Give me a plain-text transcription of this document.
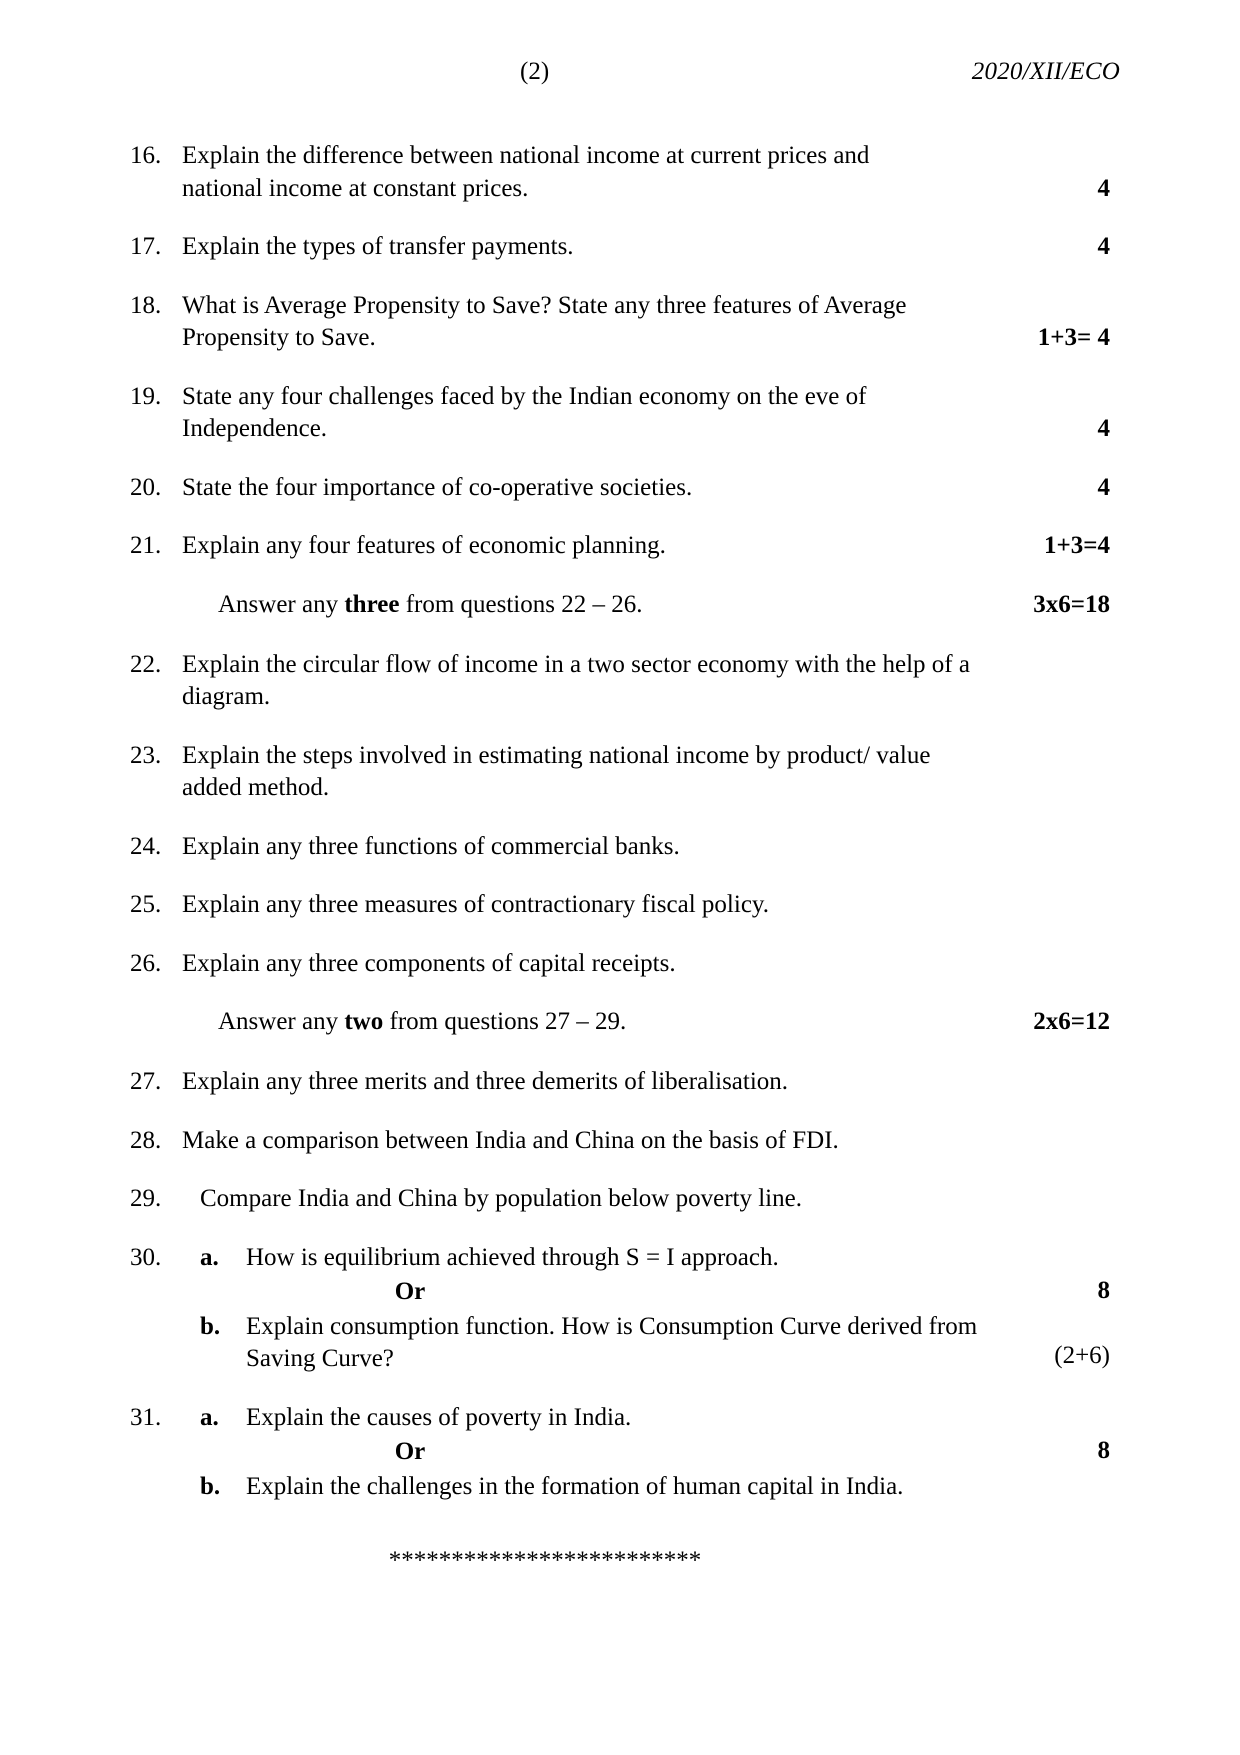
(2)	2020/XII/ECO
16. Explain the difference between national income at current prices and
national income at constant prices.	4
17. Explain the types of transfer payments.	4
18. What is Average Propensity to Save? State any three features of Average
Propensity to Save.	1+3= 4
19. State any four challenges faced by the Indian economy on the eve of
Independence.	4
20. State the four importance of co-operative societies.	4
21. Explain any four features of economic planning.	1+3=4
Answer any three from questions 22 – 26.	3x6=18
22. Explain the circular flow of income in a two sector economy with the help of a
diagram.
23. Explain the steps involved in estimating national income by product/ value
added method.
24. Explain any three functions of commercial banks.
25. Explain any three measures of contractionary fiscal policy.
26. Explain any three components of capital receipts.
Answer any two from questions 27 – 29.	2x6=12
27. Explain any three merits and three demerits of liberalisation.
28. Make a comparison between India and China on the basis of FDI.
29.	Compare India and China by population below poverty line.
30.	a.	How is equilibrium achieved through S = I approach.
Or
b.	Explain consumption function. How is Consumption Curve derived from Saving Curve?
8
(2+6)
31.	a.	Explain the causes of poverty in India.
Or
b.	Explain the challenges in the formation of human capital in India.
8
*************************
